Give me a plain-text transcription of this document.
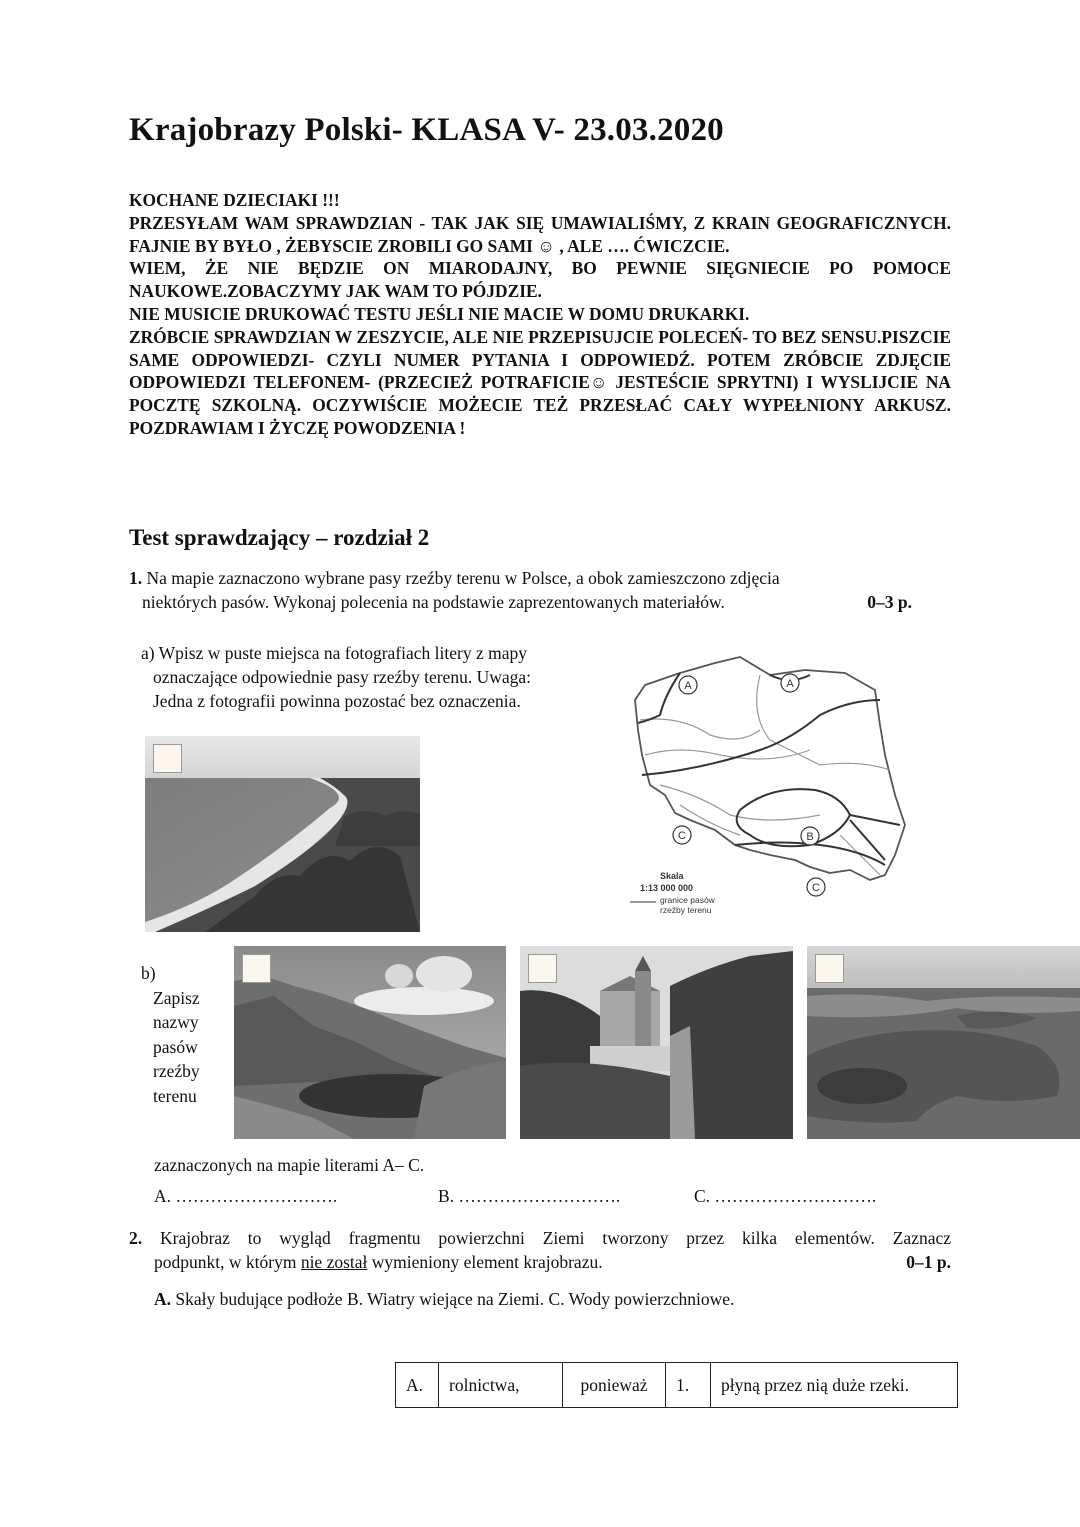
Krajobrazy Polski- KLASA V- 23.03.2020

KOCHANE DZIECIAKI !!!

PRZESYŁAM WAM SPRAWDZIAN - TAK JAK SIĘ UMAWIALIŚMY, Z KRAIN GEOGRAFICZNYCH. FAJNIE BY BYŁO , ŻEBYSCIE ZROBILI GO SAMI ☺ , ALE …. ĆWICZCIE.

WIEM, ŻE NIE BĘDZIE ON MIARODAJNY, BO PEWNIE SIĘGNIECIE PO POMOCE NAUKOWE.ZOBACZYMY JAK WAM TO PÓJDZIE.

NIE MUSICIE DRUKOWAĆ TESTU JEŚLI NIE MACIE W DOMU DRUKARKI.

ZRÓBCIE SPRAWDZIAN W ZESZYCIE, ALE NIE PRZEPISUJCIE POLECEŃ- TO BEZ SENSU.PISZCIE SAME ODPOWIEDZI- CZYLI NUMER PYTANIA I ODPOWIEDŹ. POTEM ZRÓBCIE ZDJĘCIE ODPOWIEDZI TELEFONEM- (PRZECIEŻ POTRAFICIE☺ JESTEŚCIE SPRYTNI) I WYSLIJCIE NA POCZTĘ SZKOLNĄ. OCZYWIŚCIE MOŻECIE TEŻ PRZESŁAĆ CAŁY WYPEŁNIONY ARKUSZ. POZDRAWIAM I ŻYCZĘ POWODZENIA !

Test sprawdzający – rozdział 2
1. Na mapie zaznaczono wybrane pasy rzeźby terenu w Polsce, a obok zamieszczono zdjęcia
niektórych pasów. Wykonaj polecenia na podstawie zaprezentowanych materiałów.	0–3 p.
a) Wpisz w puste miejsca na fotografiach litery z mapy
oznaczające odpowiednie pasy rzeźby terenu. Uwaga:
Jedna z fotografii powinna pozostać bez oznaczenia.
A	A
B
C
C
Skala
1:13 000 000
granice pasów
rzeźby terenu
b)
Zapisz
nazwy
pasów
rzeźby
terenu
zaznaczonych na mapie literami A– C.
A. ……………………….	B. ……………………….	C. ……………………….
2. Krajobraz to wygląd fragmentu powierzchni Ziemi tworzony przez kilka elementów. Zaznacz
podpunkt, w którym nie został wymieniony element krajobrazu.	0–1 p.
A. Skały budujące podłoże B. Wiatry wiejące na Ziemi. C. Wody powierzchniowe.
A.	rolnictwa,	ponieważ	1.	płyną przez nią duże rzeki.
